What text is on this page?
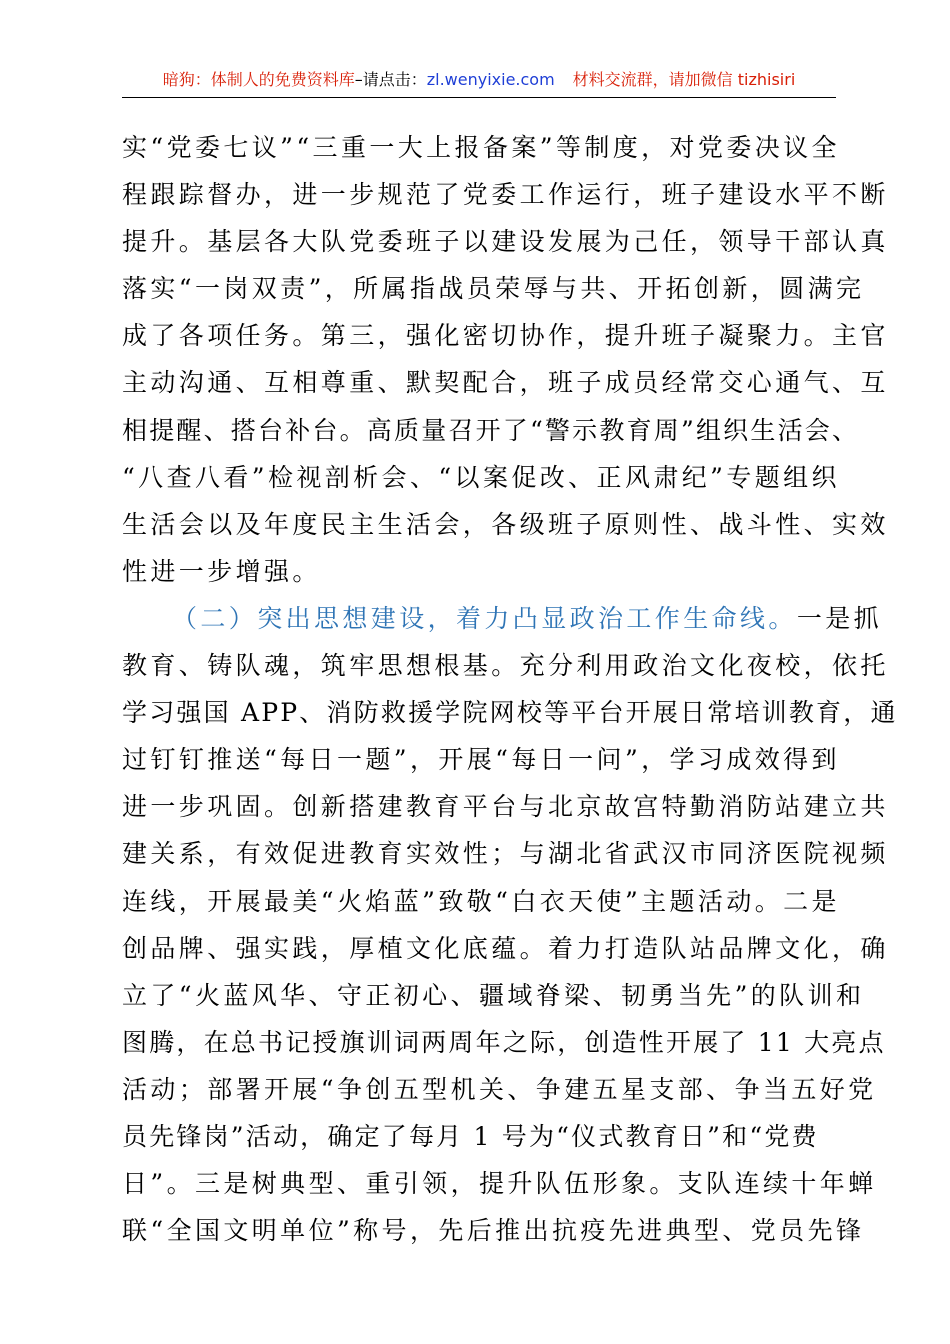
暗狗：体制人的免费资料库–请点击：zl.wenyixie.com 材料交流群，请加微信 tizhisiri
实“党委七议”“三重一大上报备案”等制度，对党委决议全
程跟踪督办，进一步规范了党委工作运行，班子建设水平不断
提升。基层各大队党委班子以建设发展为己任，领导干部认真
落实“一岗双责”，所属指战员荣辱与共、开拓创新，圆满完
成了各项任务。第三，强化密切协作，提升班子凝聚力。主官
主动沟通、互相尊重、默契配合，班子成员经常交心通气、互
相提醒、搭台补台。高质量召开了“警示教育周”组织生活会、
“八查八看”检视剖析会、“以案促改、正风肃纪”专题组织
生活会以及年度民主生活会，各级班子原则性、战斗性、实效
性进一步增强。
（二）突出思想建设，着力凸显政治工作生命线。一是抓
教育、铸队魂，筑牢思想根基。充分利用政治文化夜校，依托
学习强国 APP、消防救援学院网校等平台开展日常培训教育，通
过钉钉推送“每日一题”，开展“每日一问”，学习成效得到
进一步巩固。创新搭建教育平台与北京故宫特勤消防站建立共
建关系，有效促进教育实效性；与湖北省武汉市同济医院视频
连线，开展最美“火焰蓝”致敬“白衣天使”主题活动。二是
创品牌、强实践，厚植文化底蕴。着力打造队站品牌文化，确
立了“火蓝风华、守正初心、疆域脊梁、韧勇当先”的队训和
图腾，在总书记授旗训词两周年之际，创造性开展了 11 大亮点
活动；部署开展“争创五型机关、争建五星支部、争当五好党
员先锋岗”活动，确定了每月 1 号为“仪式教育日”和“党费
日”。三是树典型、重引领，提升队伍形象。支队连续十年蝉
联“全国文明单位”称号，先后推出抗疫先进典型、党员先锋
